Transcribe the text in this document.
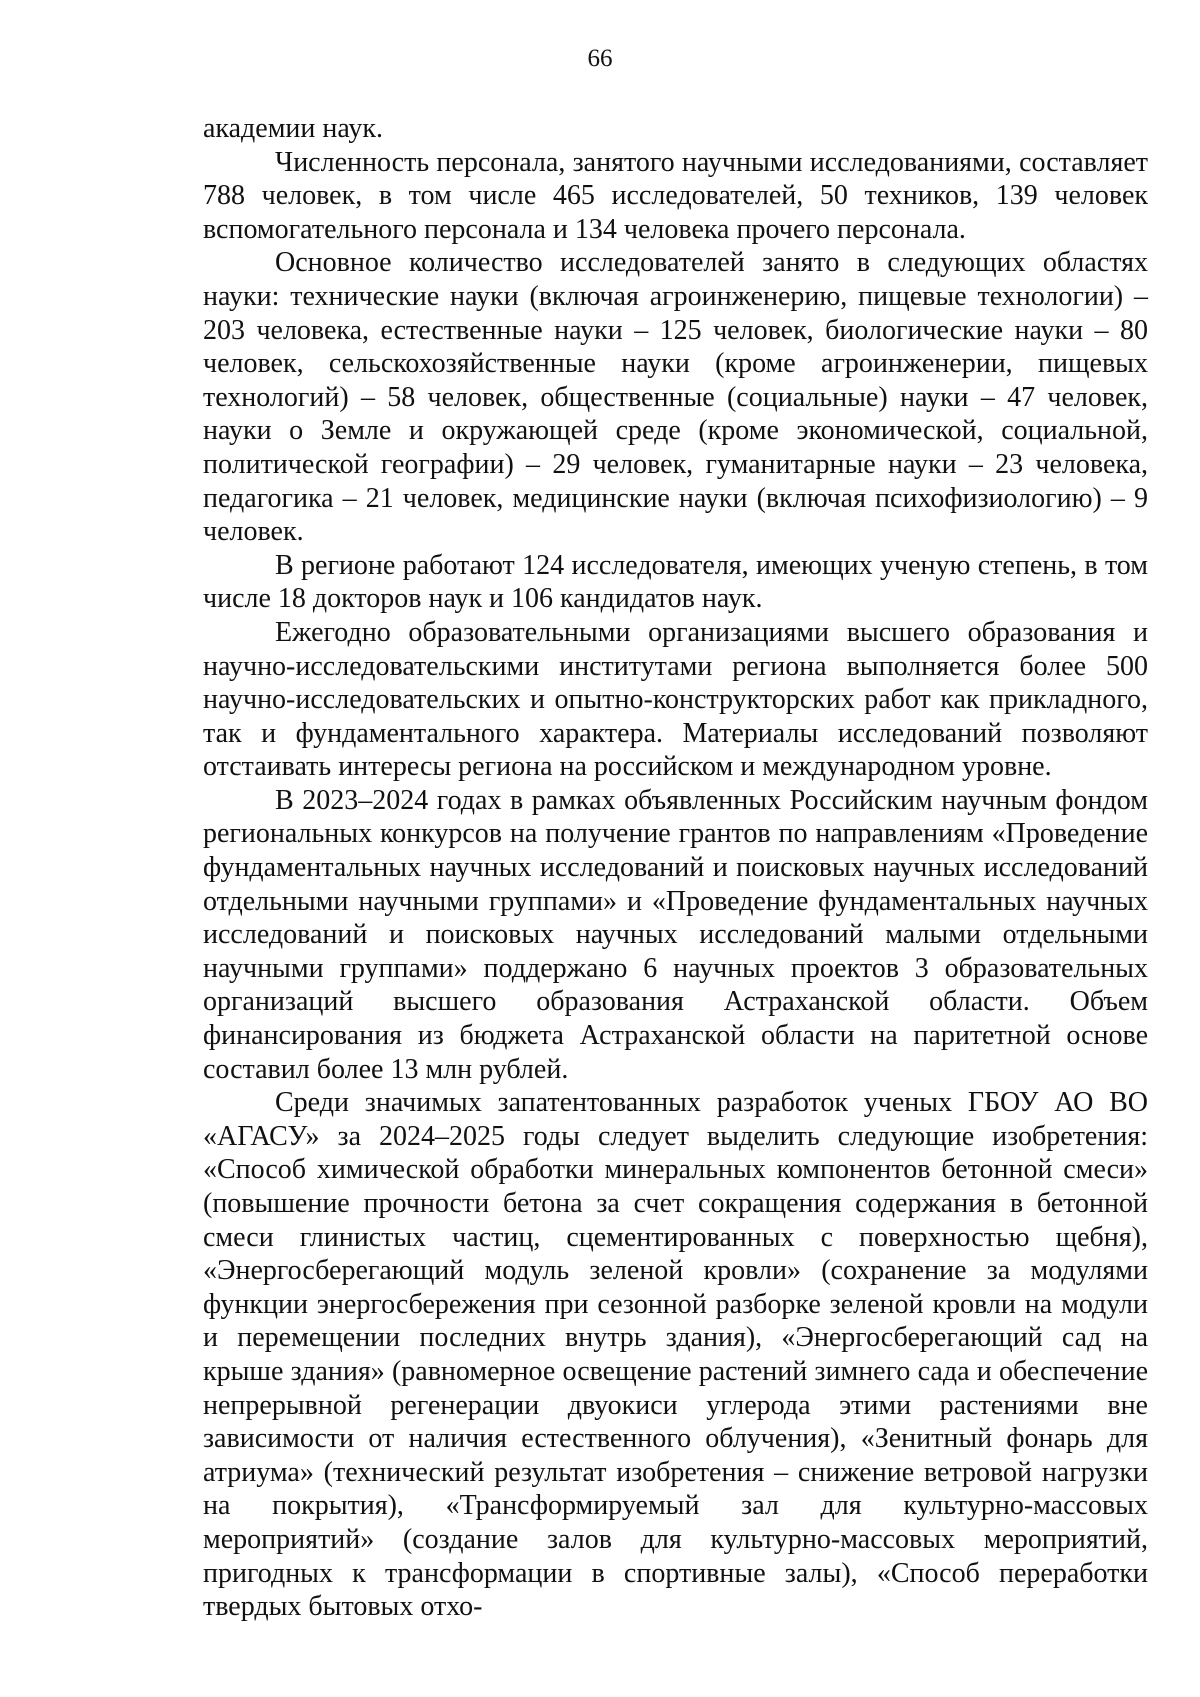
66

академии наук.

Численность персонала, занятого научными исследованиями, составляет 788 человек, в том числе 465 исследователей, 50 техников, 139 человек вспомогательного персонала и 134 человека прочего персонала.

Основное количество исследователей занято в следующих областях науки: технические науки (включая агроинженерию, пищевые технологии) – 203 человека, естественные науки – 125 человек, биологические науки – 80 человек, сельскохозяйственные науки (кроме агроинженерии, пищевых технологий) – 58 человек, общественные (социальные) науки – 47 человек, науки о Земле и окружающей среде (кроме экономической, социальной, политической географии) – 29 человек, гуманитарные науки – 23 человека, педагогика – 21 человек, медицинские науки (включая психофизиологию) – 9 человек.

В регионе работают 124 исследователя, имеющих ученую степень, в том числе 18 докторов наук и 106 кандидатов наук.

Ежегодно образовательными организациями высшего образования и научно-исследовательскими институтами региона выполняется более 500 научно-исследовательских и опытно-конструкторских работ как прикладного, так и фундаментального характера. Материалы исследований позволяют отстаивать интересы региона на российском и международном уровне.

В 2023–2024 годах в рамках объявленных Российским научным фондом региональных конкурсов на получение грантов по направлениям «Проведение фундаментальных научных исследований и поисковых научных исследований отдельными научными группами» и «Проведение фундаментальных научных исследований и поисковых научных исследований малыми отдельными научными группами» поддержано 6 научных проектов 3 образовательных организаций высшего образования Астраханской области. Объем финансирования из бюджета Астраханской области на паритетной основе составил более 13 млн рублей.

Среди значимых запатентованных разработок ученых ГБОУ АО ВО «АГАСУ» за 2024–2025 годы следует выделить следующие изобретения: «Способ химической обработки минеральных компонентов бетонной смеси» (повышение прочности бетона за счет сокращения содержания в бетонной смеси глинистых частиц, сцементированных с поверхностью щебня), «Энергосберегающий модуль зеленой кровли» (сохранение за модулями функции энергосбережения при сезонной разборке зеленой кровли на модули и перемещении последних внутрь здания), «Энергосберегающий сад на крыше здания» (равномерное освещение растений зимнего сада и обеспечение непрерывной регенерации двуокиси углерода этими растениями вне зависимости от наличия естественного облучения), «Зенитный фонарь для атриума» (технический результат изобретения – снижение ветровой нагрузки на покрытия), «Трансформируемый зал для культурно-массовых мероприятий» (создание залов для культурно-массовых мероприятий, пригодных к трансформации в спортивные залы), «Способ переработки твердых бытовых отхо-
